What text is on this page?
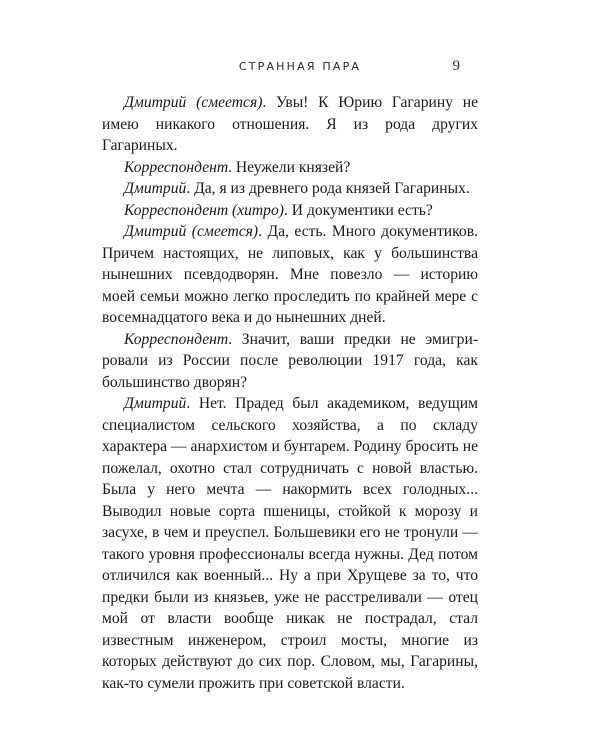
СТРАННАЯ ПАРА	9

Дмитрий (смеется). Увы! К Юрию Гагарину не имею никакого отношения. Я из рода других Гагариных.

Корреспондент. Неужели князей?

Дмитрий. Да, я из древнего рода князей Гагариных.

Корреспондент (хитро). И документики есть?

Дмитрий (смеется). Да, есть. Много документиков. Причем настоящих, не липовых, как у большинства нынешних псевдодворян. Мне повезло — историю моей семьи можно легко проследить по крайней мере с восемнадцатого века и до нынешних дней.

Корреспондент. Значит, ваши предки не эмигрировали из России после революции 1917 года, как большинство дворян?

Дмитрий. Нет. Прадед был академиком, ведущим специалистом сельского хозяйства, а по складу характера — анархистом и бунтарем. Родину бросить не пожелал, охотно стал сотрудничать с новой властью. Была у него мечта — накормить всех голодных... Выводил новые сорта пшеницы, стойкой к морозу и засухе, в чем и преуспел. Большевики его не тронули — такого уровня профессионалы всегда нужны. Дед потом отличился как военный... Ну а при Хрущеве за то, что предки были из князьев, уже не расстреливали — отец мой от власти вообще никак не пострадал, стал известным инженером, строил мосты, многие из которых действуют до сих пор. Словом, мы, Гагарины, как-то сумели прожить при советской власти.
